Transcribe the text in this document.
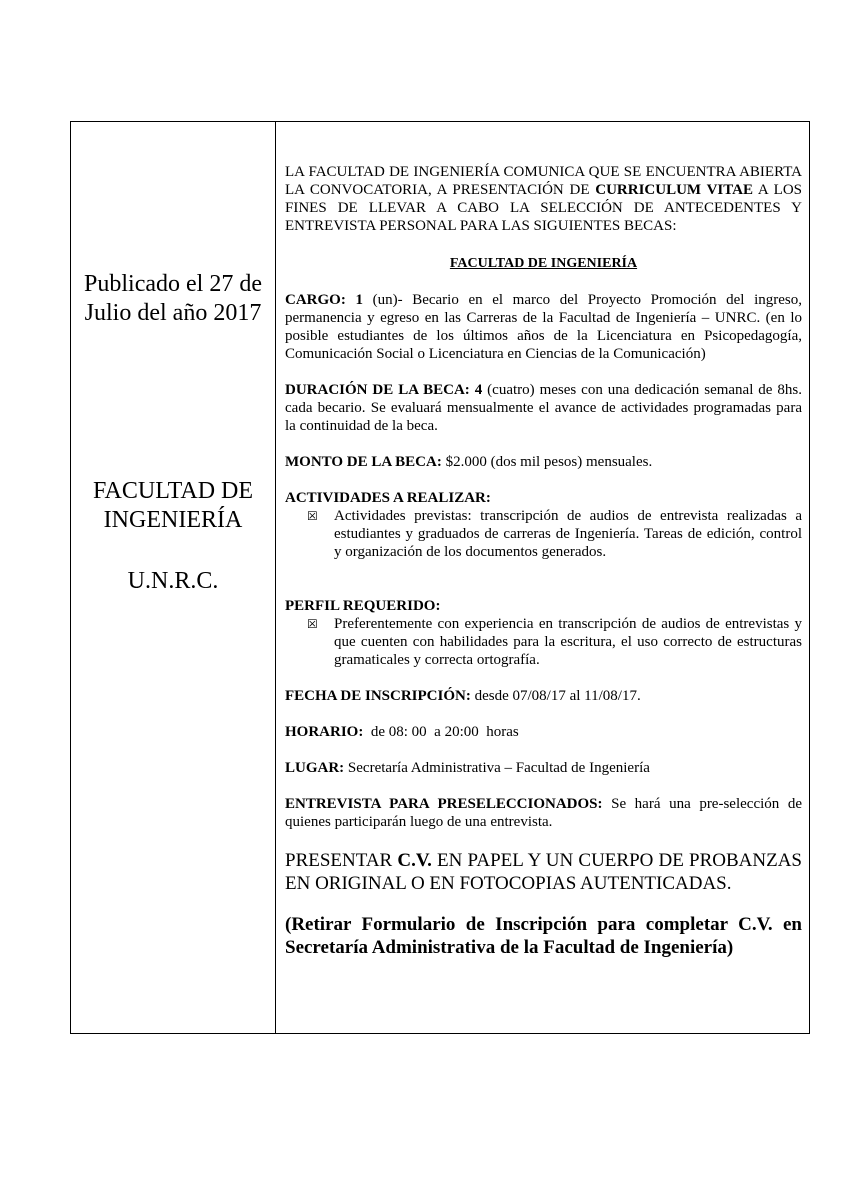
Publicado el 27 de Julio del año 2017
FACULTAD DE
INGENIERÍA
U.N.R.C.
LA FACULTAD DE INGENIERÍA COMUNICA QUE SE ENCUENTRA ABIERTA LA CONVOCATORIA, A PRESENTACIÓN DE CURRICULUM VITAE A LOS FINES DE LLEVAR A CABO LA SELECCIÓN DE ANTECEDENTES Y ENTREVISTA PERSONAL PARA LAS SIGUIENTES BECAS:
FACULTAD DE INGENIERÍA

CARGO: 1 (un)- Becario en el marco del Proyecto Promoción del ingreso, permanencia y egreso en las Carreras de la Facultad de Ingeniería – UNRC. (en lo posible estudiantes de los últimos años de la Licenciatura en Psicopedagogía, Comunicación Social o Licenciatura en Ciencias de la Comunicación)

DURACIÓN DE LA BECA: 4 (cuatro) meses con una dedicación semanal de 8hs. cada becario. Se evaluará mensualmente el avance de actividades programadas para la continuidad de la beca.

MONTO DE LA BECA: $2.000 (dos mil pesos) mensuales.

ACTIVIDADES A REALIZAR:
☒	Actividades previstas: transcripción de audios de entrevista realizadas a estudiantes y graduados de carreras de Ingeniería. Tareas de edición, control y organización de los documentos generados.
PERFIL REQUERIDO:
☒	Preferentemente con experiencia en transcripción de audios de entrevistas y que cuenten con habilidades para la escritura, el uso correcto de estructuras gramaticales y correcta ortografía.

FECHA DE INSCRIPCIÓN: desde 07/08/17 al 11/08/17.

HORARIO:  de 08: 00  a 20:00  horas

LUGAR: Secretaría Administrativa – Facultad de Ingeniería

ENTREVISTA PARA PRESELECCIONADOS: Se hará una pre-selección de quienes participarán luego de una entrevista.

PRESENTAR C.V. EN PAPEL Y UN CUERPO DE PROBANZAS EN ORIGINAL O EN FOTOCOPIAS AUTENTICADAS.
(Retirar Formulario de Inscripción para completar C.V. en Secretaría Administrativa de la Facultad de Ingeniería)
